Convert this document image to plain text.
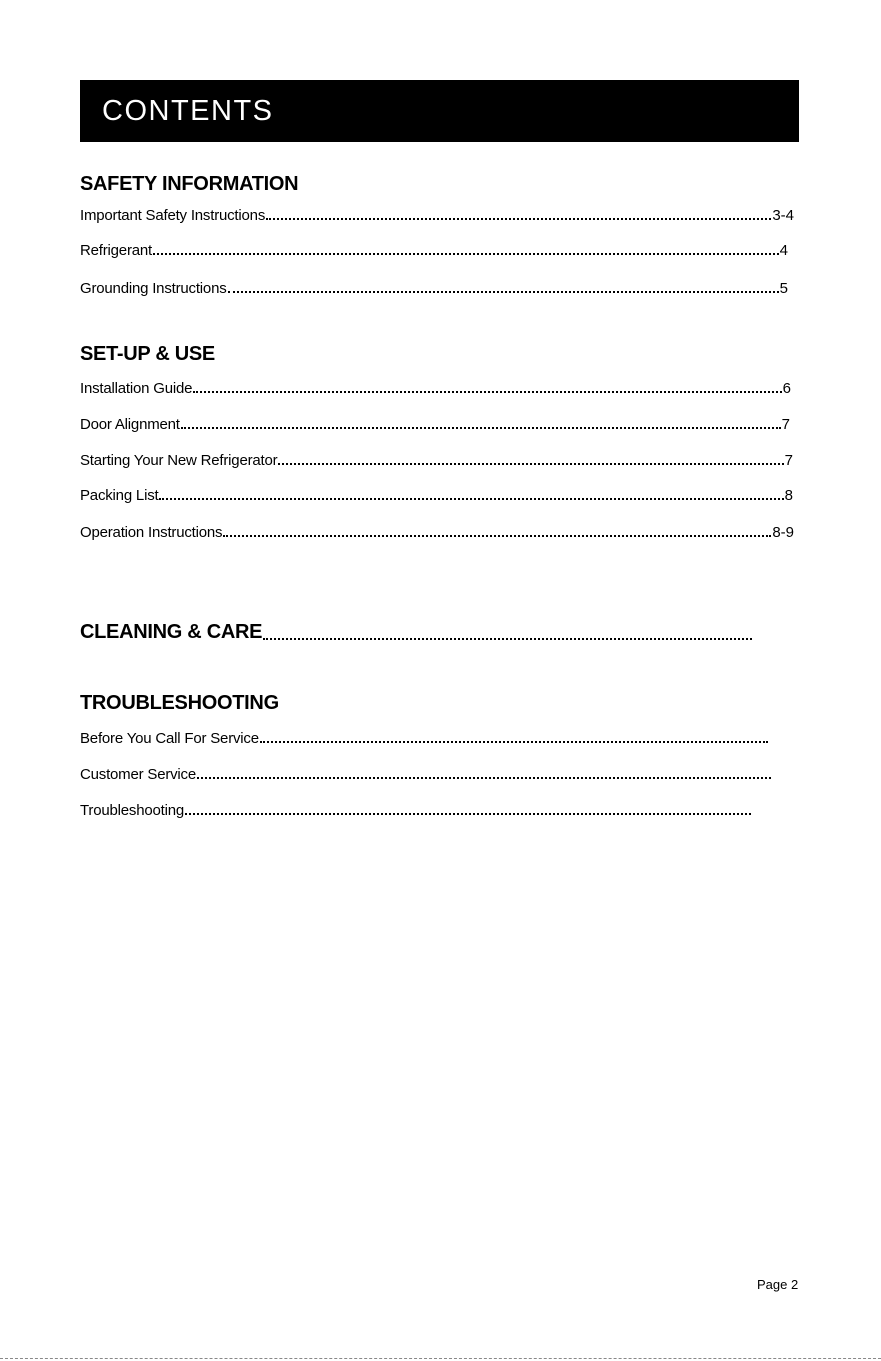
CONTENTS
SAFETY INFORMATION
Important Safety Instructions	3-4
Refrigerant	4
Grounding Instructions	5
SET-UP & USE
Installation Guide	6
Door Alignment	7
Starting Your New Refrigerator	7
Packing List	8
Operation Instructions	8-9
CLEANING & CARE
TROUBLESHOOTING
Before You Call For Service
Customer Service
Troubleshooting
Page 2
